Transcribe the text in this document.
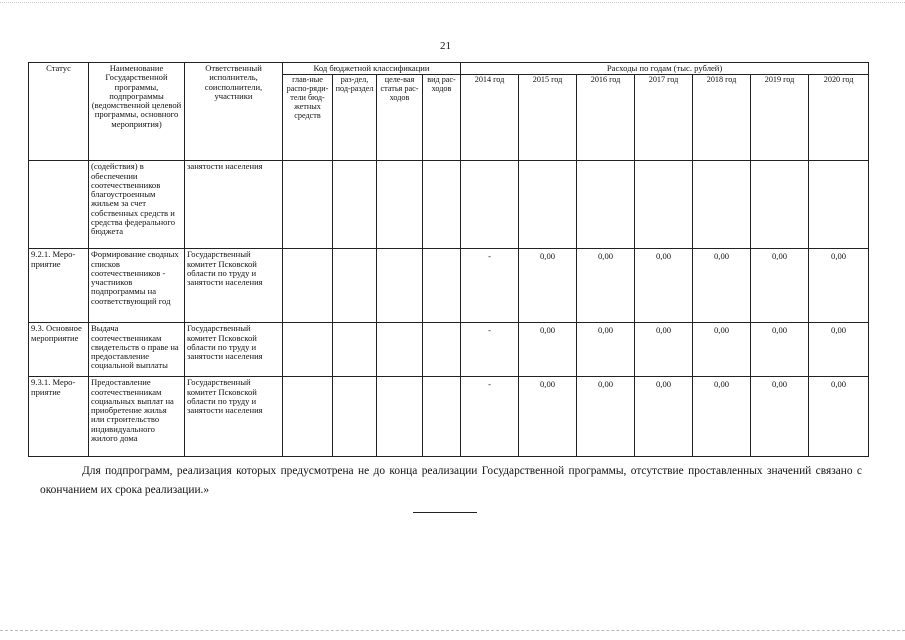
21
Статус	Наименование Государственной программы, подпрограммы (ведомственной целевой программы, основного мероприятия)	Ответственный исполнитель, соисполнители, участники	Код бюджетной классификации				Расходы по годам (тыс. рублей)						
			глав-ные распо-ряди-тели бюд-жетных средств	раз-дел, под-раздел	целе-вая статья рас-ходов	вид рас-ходов	2014 год	2015 год	2016 год	2017 год	2018 год	2019 год	2020 год
	(содействия) в обеспечении соотечественников благоустроенным жильем за счет собственных средств и средства федерального бюджета	занятости населения											
9.2.1. Меро-приятие	Формирование сводных списков соотечественников - участников подпрограммы на соответствующий год	Государственный комитет Псковской области по труду и занятости населения					-	0,00	0,00	0,00	0,00	0,00	0,00
9.3. Основное мероприятие	Выдача соотечественникам свидетельств о праве на предоставление социальной выплаты	Государственный комитет Псковской области по труду и занятости населения					-	0,00	0,00	0,00	0,00	0,00	0,00
9.3.1. Меро-приятие	Предоставление соотечественникам социальных выплат на приобретение жилья или строительство индивидуального жилого дома	Государственный комитет Псковской области по труду и занятости населения					-	0,00	0,00	0,00	0,00	0,00	0,00
Для подпрограмм, реализация которых предусмотрена не до конца реализации Государственной программы, отсутствие проставленных значений связано с окончанием их срока реализации.»
